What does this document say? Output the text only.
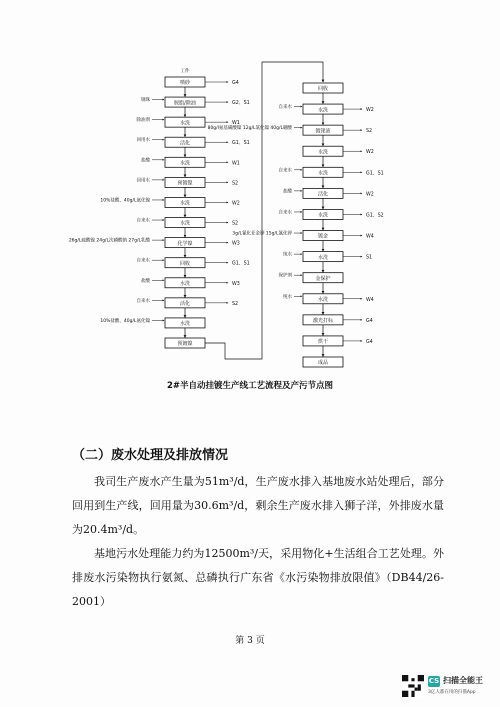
喷砂
脱脂/除油
水洗
活化
水洗
预镀镍
水洗
水洗
化学镍
回收
水洗
活化
水洗
预镀镍
回收
水洗
镀铑液
水洗
水洗
活化
水洗
镀金
水洗
金保护
水洗
激光打标
烘干
成品
工件
钢珠
除油剂
回用水
盐酸
回用水
10%盐酸、40g/L氨化镍
自来水
26g/L硫酸镍 24g/L次磷酸钠 27g/L乳酸
自来水
盐酸
自来水
10%盐酸、40g/L氨化镍
G4
G2、S1
W1
G1、S1
W1
S2
W2
S2
W3
G1、S1
W3
S2
自来水
80g/l氨基磺酸镍 12g/L氯化镍 40g/L硼酸
自来水
盐酸
自来水
3g/L氰化亚金钾 15g/L氰化钾
纯水
保护剂
纯水
W2
S2
W2
G1、S1
W2
G1、S2
W4
S1
W4
G4
G4
2#半自动挂镀生产线工艺流程及产污节点图
（二）废水处理及排放情况
我司生产废水产生量为51m³/d，生产废水排入基地废水站处理后，部分回用到生产线，回用量为30.6m³/d，剩余生产废水排入狮子洋，外排废水量为20.4m³/d。
基地污水处理能力约为12500m³/天，采用物化+生活组合工艺处理。外排废水污染物执行氨氮、总磷执行广东省《水污染物排放限值》（DB44/26-2001）
第 3 页
CS 扫描全能王
3亿人都在用的扫描App
